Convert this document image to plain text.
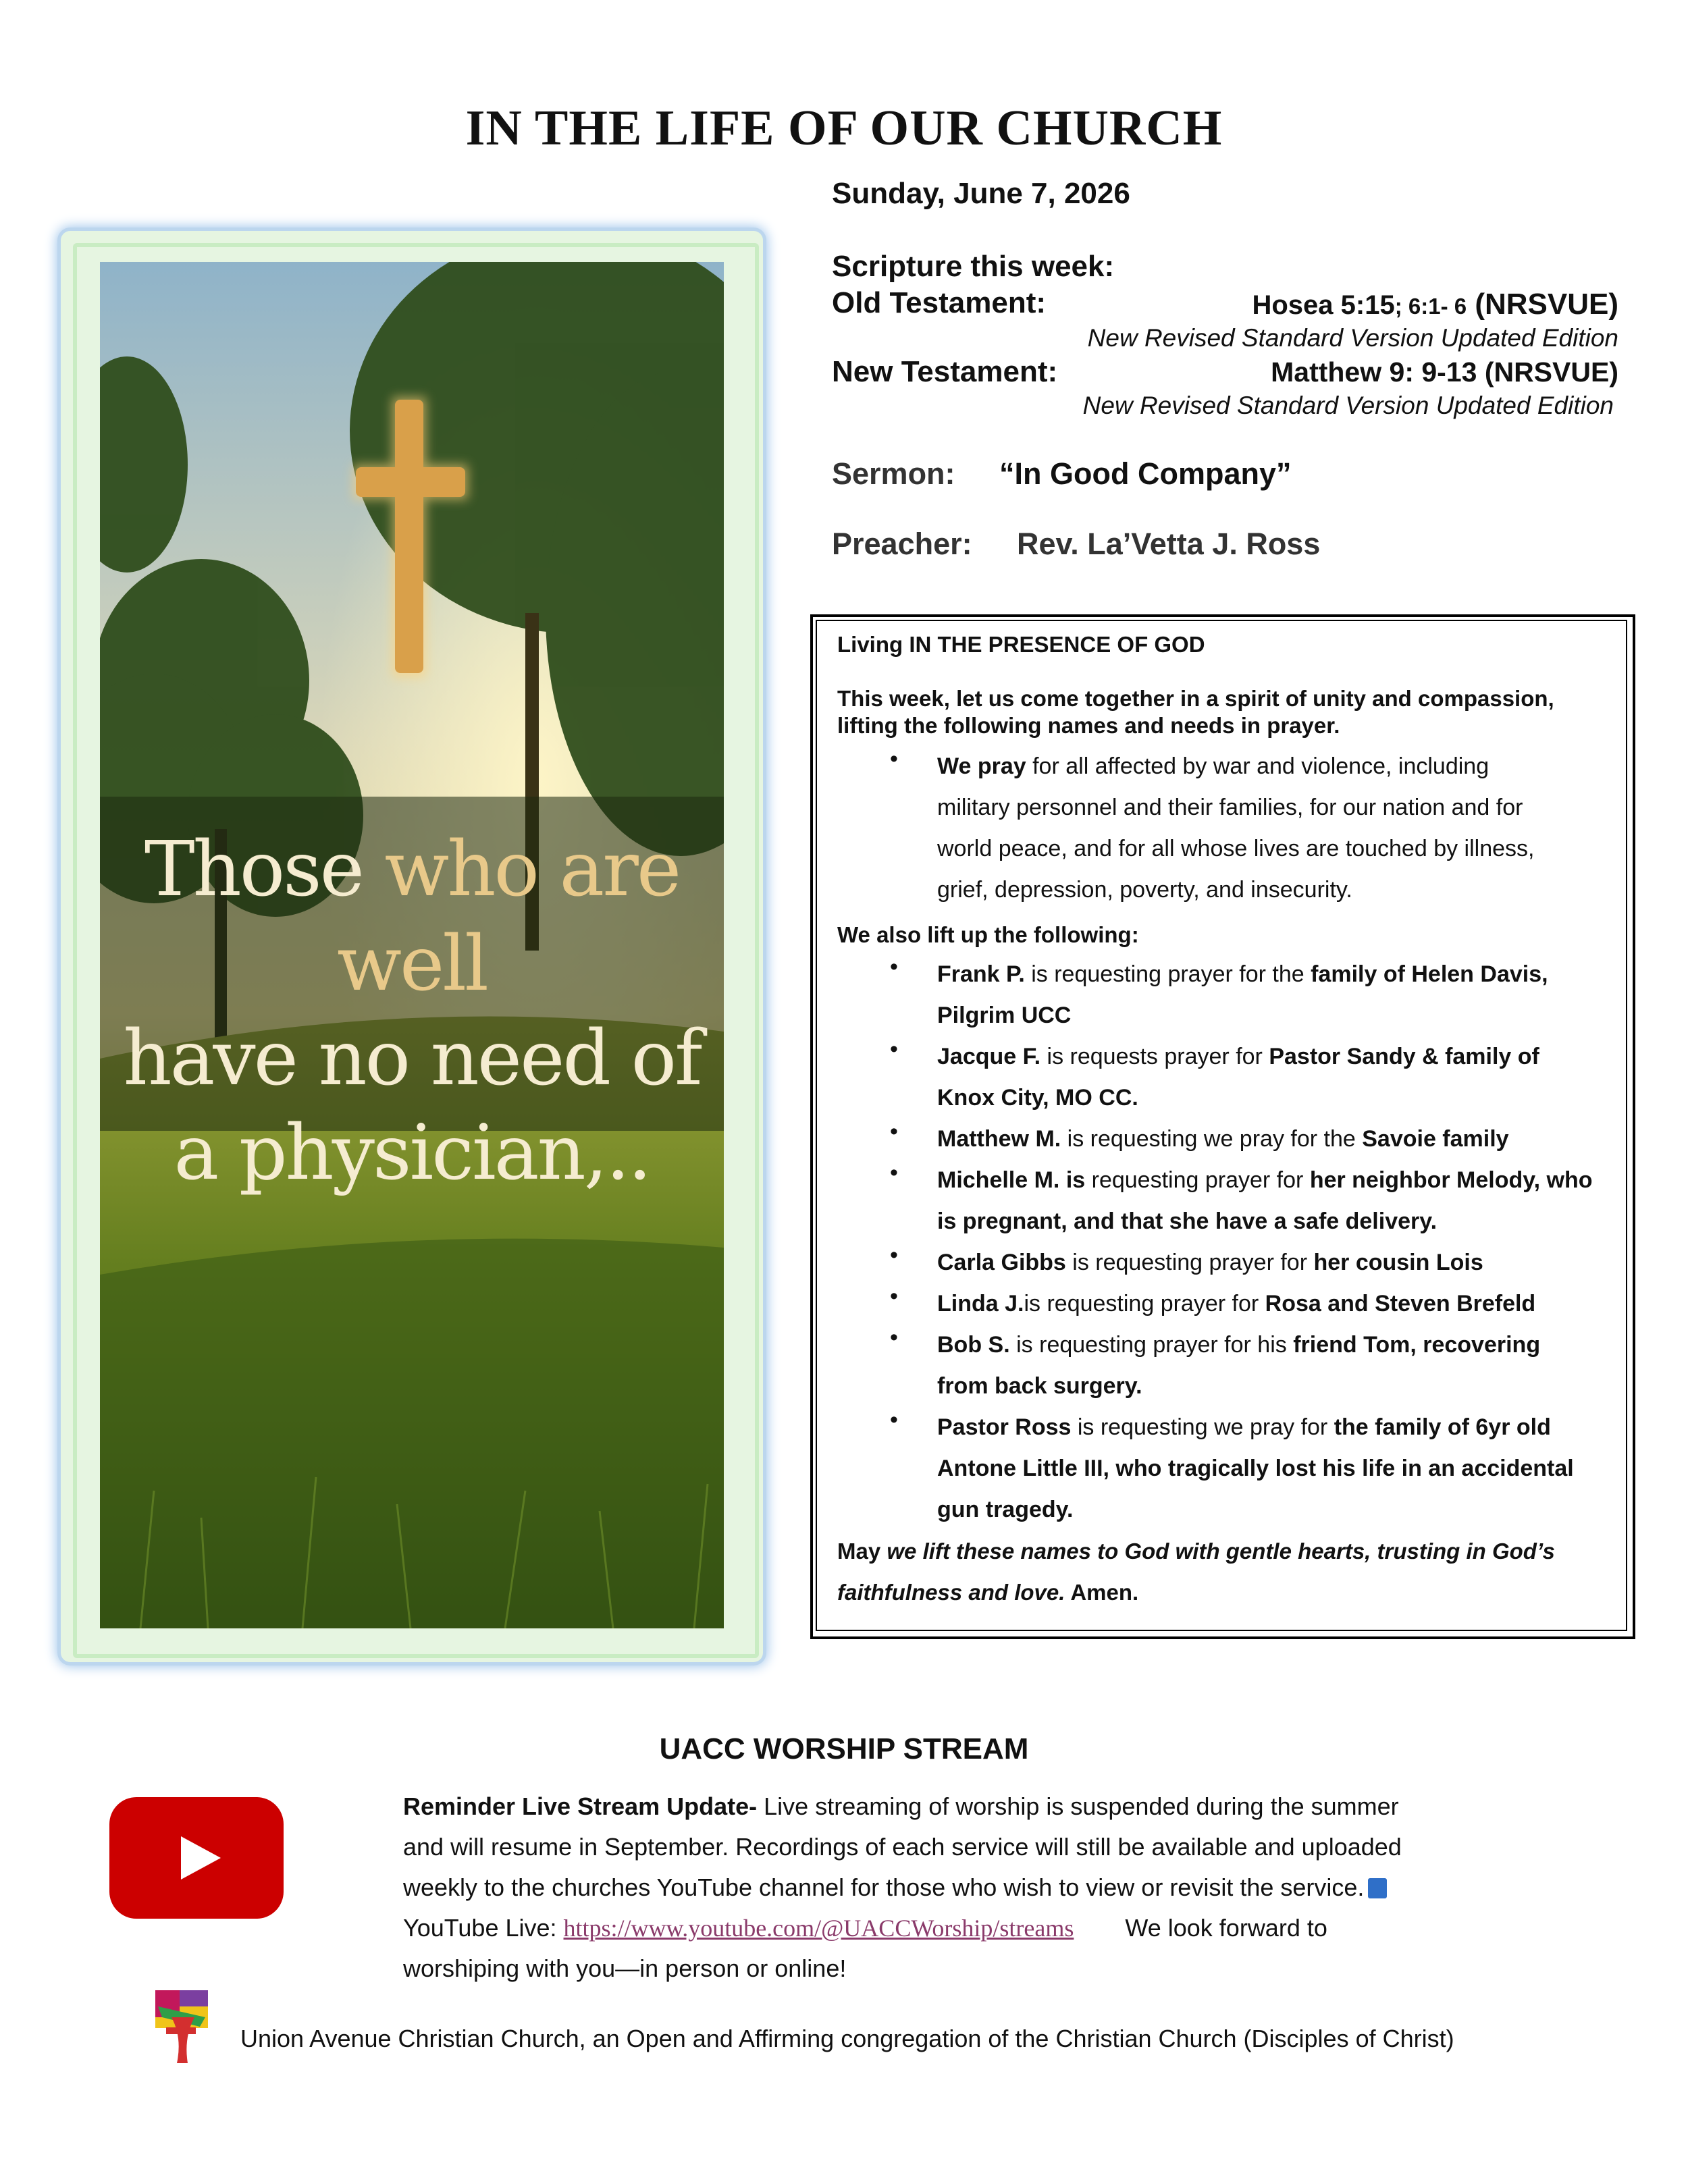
IN THE LIFE OF OUR CHURCH
Sunday, June 7, 2026
Scripture this week:
Old Testament:	Hosea 5:15; 6:1- 6 (NRSVUE)
New Revised Standard Version Updated Edition
New Testament:	Matthew 9: 9-13 (NRSVUE)
New Revised Standard Version Updated Edition
Sermon: “In Good Company”
Preacher: Rev. La’Vetta J. Ross
Those who are well
have no need of
a physician,..
Living IN THE PRESENCE OF GOD
This week, let us come together in a spirit of unity and compassion, lifting the following names and needs in prayer.
• We pray for all affected by war and violence, including
military personnel and their families, for our nation and for
world peace, and for all whose lives are touched by illness,
grief, depression, poverty, and insecurity.
We also lift up the following:
• Frank P. is requesting prayer for the family of Helen Davis,
Pilgrim UCC
• Jacque F. is requests prayer for Pastor Sandy & family of
Knox City, MO CC.
• Matthew M. is requesting we pray for the Savoie family
• Michelle M. is requesting prayer for her neighbor Melody, who
is pregnant, and that she have a safe delivery.
• Carla Gibbs is requesting prayer for her cousin Lois
• Linda J.is requesting prayer for Rosa and Steven Brefeld
• Bob S. is requesting prayer for his friend Tom, recovering
from back surgery.
• Pastor Ross is requesting we pray for the family of 6yr old
Antone Little III, who tragically lost his life in an accidental
gun tragedy.
May we lift these names to God with gentle hearts, trusting in God’s
faithfulness and love. Amen.
UACC WORSHIP STREAM
Reminder Live Stream Update- Live streaming of worship is suspended during the summer
and will resume in September. Recordings of each service will still be available and uploaded
weekly to the churches YouTube channel for those who wish to view or revisit the service.
YouTube Live: https://www.youtube.com/@UACCWorship/streams We look forward to
worshiping with you—in person or online!
Union Avenue Christian Church, an Open and Affirming congregation of the Christian Church (Disciples of Christ)
